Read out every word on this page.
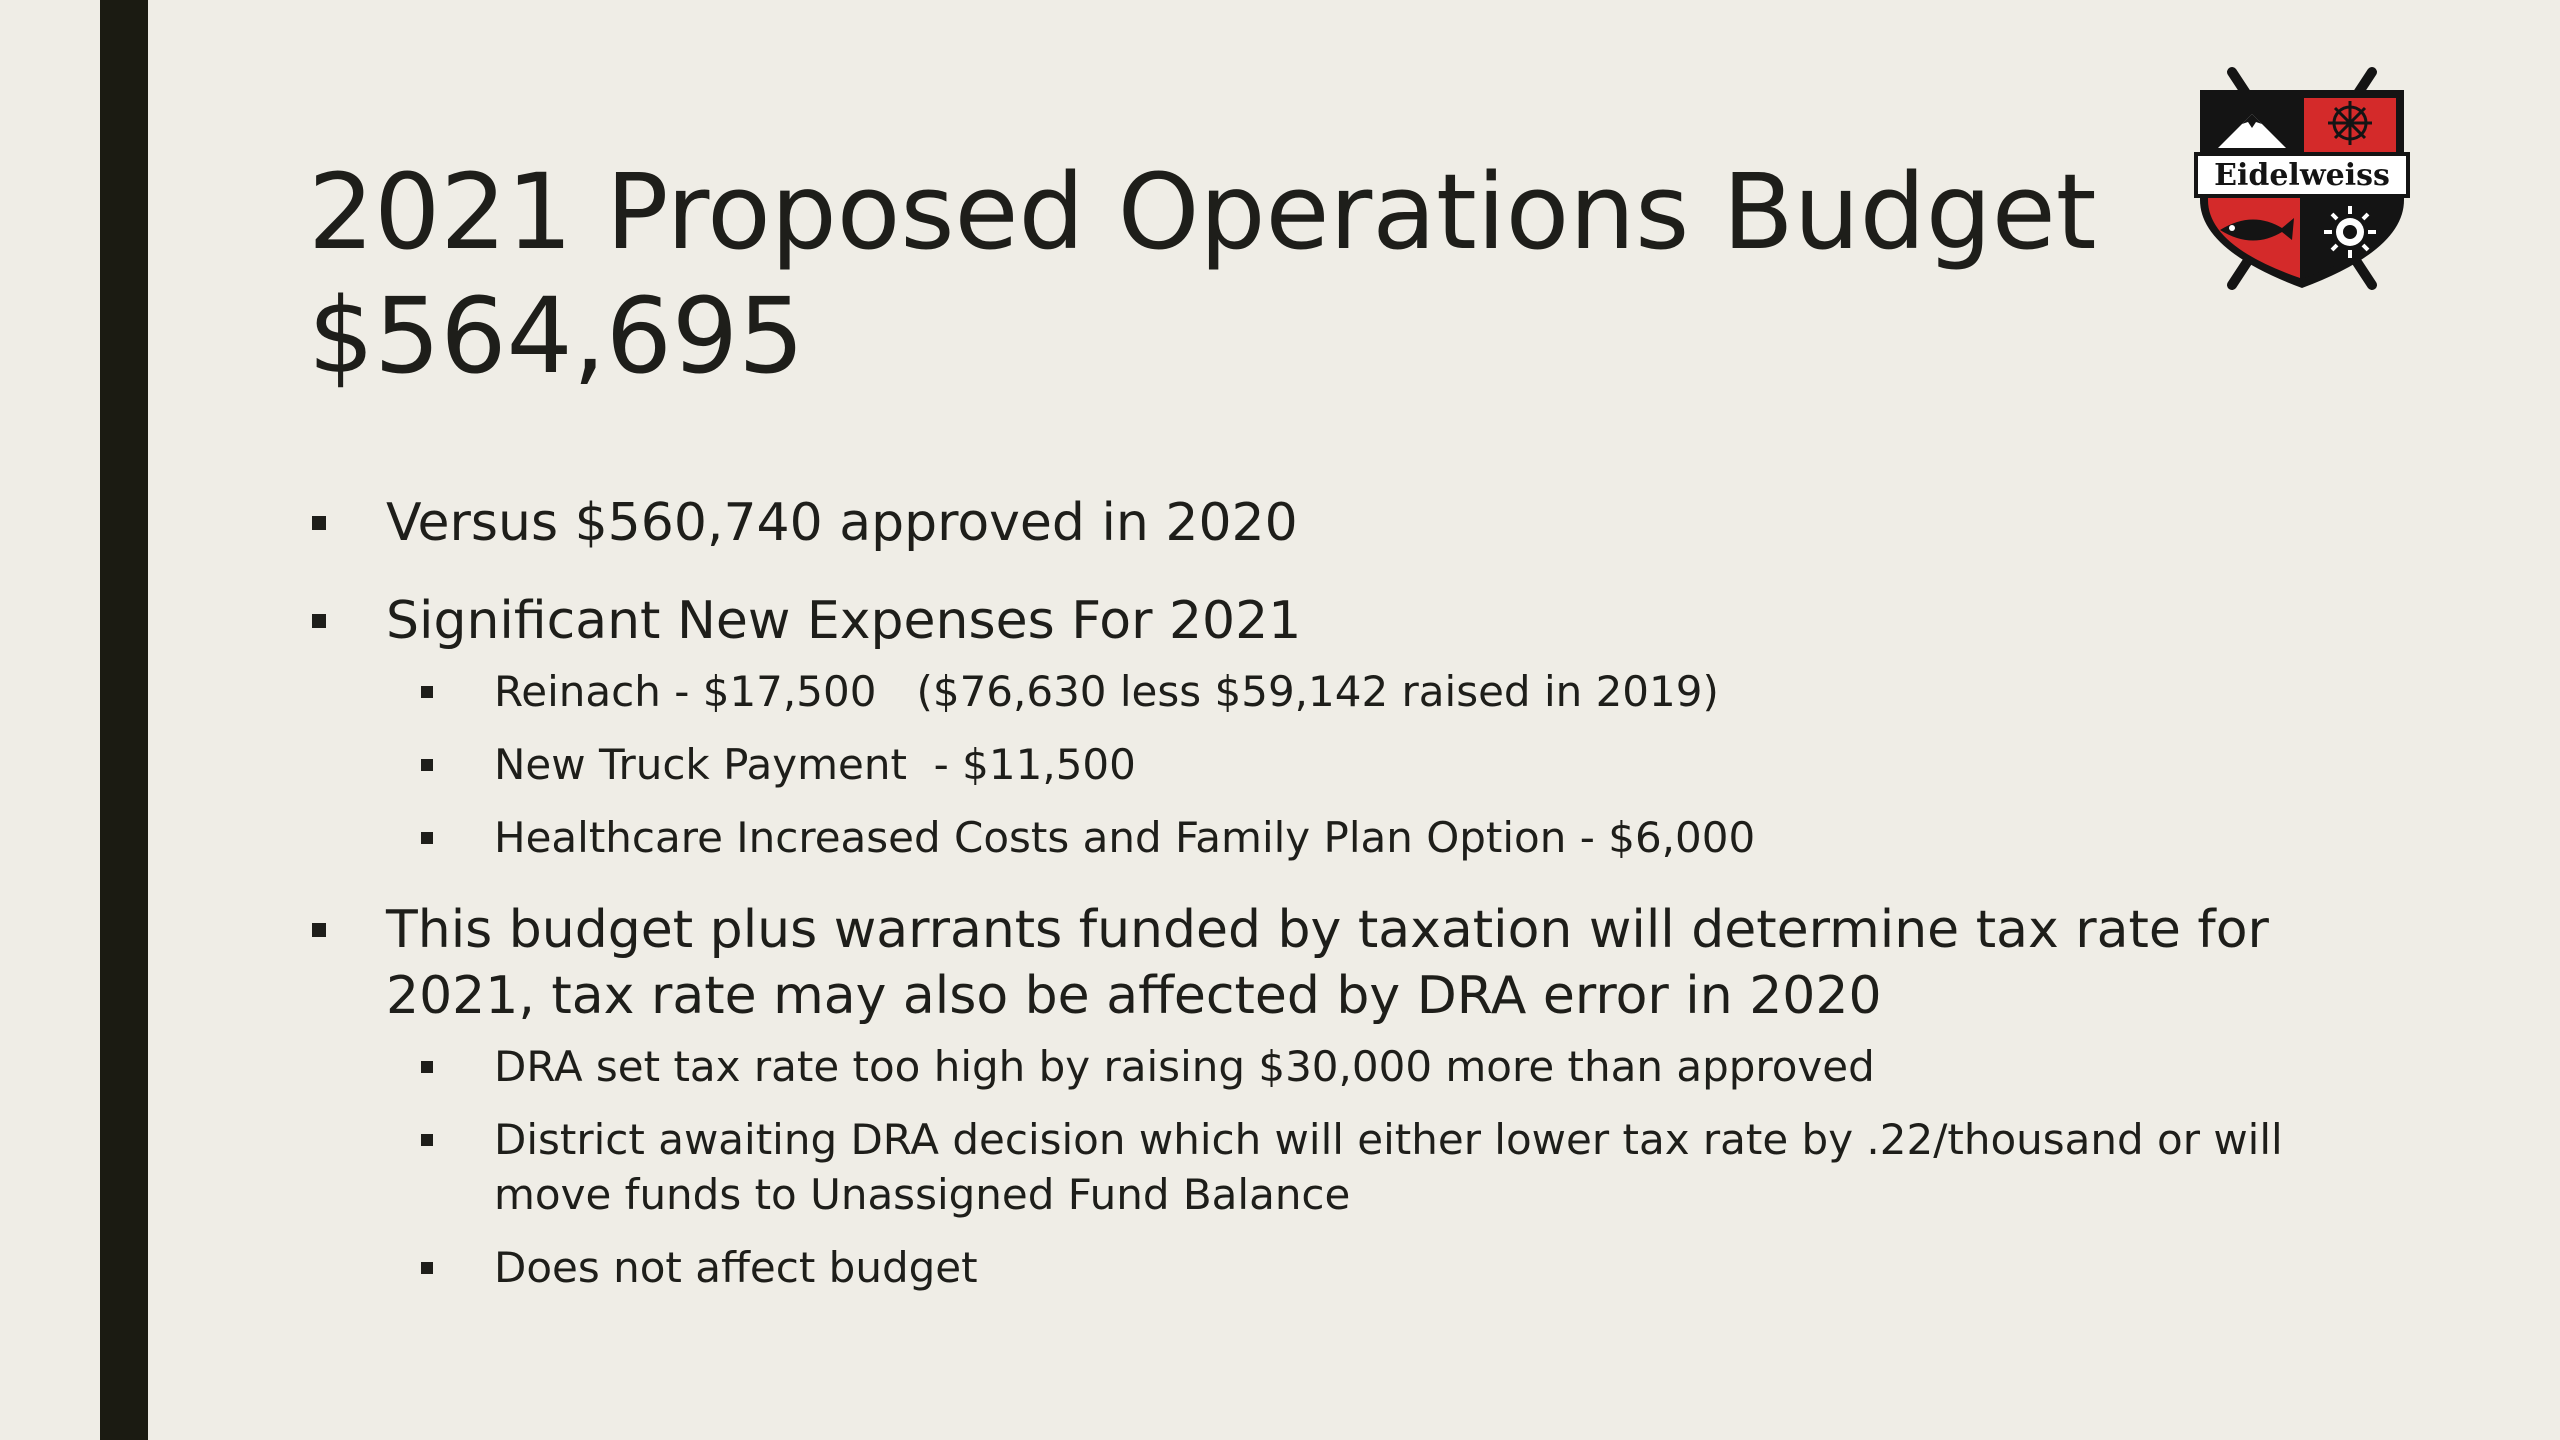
2021 Proposed Operations Budget
$564,695
Eidelweiss
Versus $560,740 approved in 2020
Significant New Expenses For 2021
Reinach - $17,500   ($76,630 less $59,142 raised in 2019)
New Truck Payment  - $11,500
Healthcare Increased Costs and Family Plan Option - $6,000
This budget plus warrants funded by taxation will determine tax rate for 2021, tax rate may also be affected by DRA error in 2020
DRA set tax rate too high by raising $30,000 more than approved
District awaiting DRA decision which will either lower tax rate by .22/thousand or will move funds to Unassigned Fund Balance
Does not affect budget
